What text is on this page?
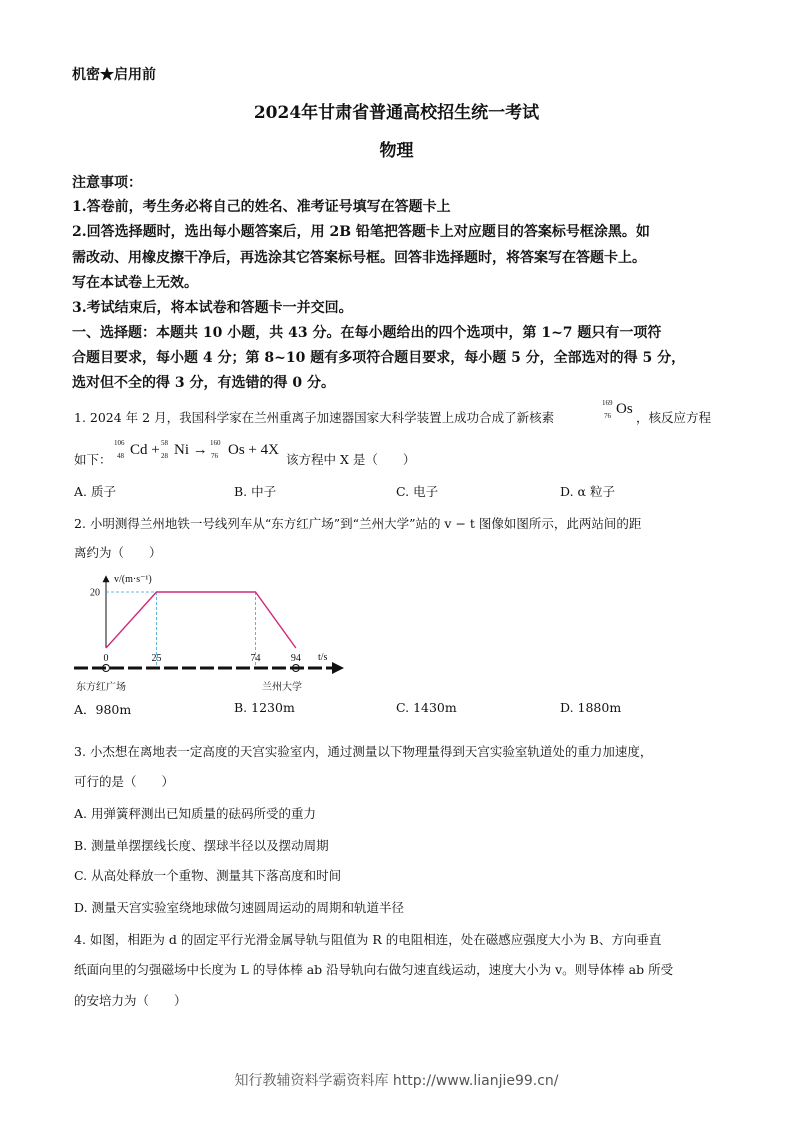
机密★启用前
2024年甘肃省普通高校招生统一考试
物理
注意事项：
1.答卷前，考生务必将自己的姓名、准考证号填写在答题卡上
2.回答选择题时，选出每小题答案后，用 2B 铅笔把答题卡上对应题目的答案标号框涂黑。如
需改动、用橡皮擦干净后，再选涂其它答案标号框。回答非选择题时，将答案写在答题卡上。
写在本试卷上无效。
3.考试结束后，将本试卷和答题卡一并交回。
一、选择题：本题共 10 小题，共 43 分。在每小题给出的四个选项中，第 1~7 题只有一项符
合题目要求，每小题 4 分；第 8~10 题有多项符合题目要求，每小题 5 分，全部选对的得 5 分，
选对但不全的得 3 分，有选错的得 0 分。
1. 2024 年 2 月，我国科学家在兰州重离子加速器国家大科学装置上成功合成了新核素
169
76 Os
，核反应方程
如下：
106
48 Cd + 58
28 Ni → 160
76 Os + 4X
该方程中 X 是（　　）
A. 质子	B. 中子	C. 电子	D. α 粒子
2. 小明测得兰州地铁一号线列车从“东方红广场”到“兰州大学”站的 v − t 图像如图所示，此两站间的距
离约为（　　）
v/(m·s⁻¹)
20
0	25	74	94 t/s
东方红广场	兰州大学
A．980m	B. 1230m	C. 1430m	D. 1880m
3. 小杰想在离地表一定高度的天宫实验室内，通过测量以下物理量得到天宫实验室轨道处的重力加速度，
可行的是（　　）
A. 用弹簧秤测出已知质量的砝码所受的重力
B. 测量单摆摆线长度、摆球半径以及摆动周期
C. 从高处释放一个重物、测量其下落高度和时间
D. 测量天宫实验室绕地球做匀速圆周运动的周期和轨道半径
4. 如图，相距为 d 的固定平行光滑金属导轨与阻值为 R 的电阻相连，处在磁感应强度大小为 B、方向垂直
纸面向里的匀强磁场中长度为 L 的导体棒 ab 沿导轨向右做匀速直线运动，速度大小为 v。则导体棒 ab 所受
的安培力为（　　）
知行教辅资料学霸资料库 http://www.lianjie99.cn/
